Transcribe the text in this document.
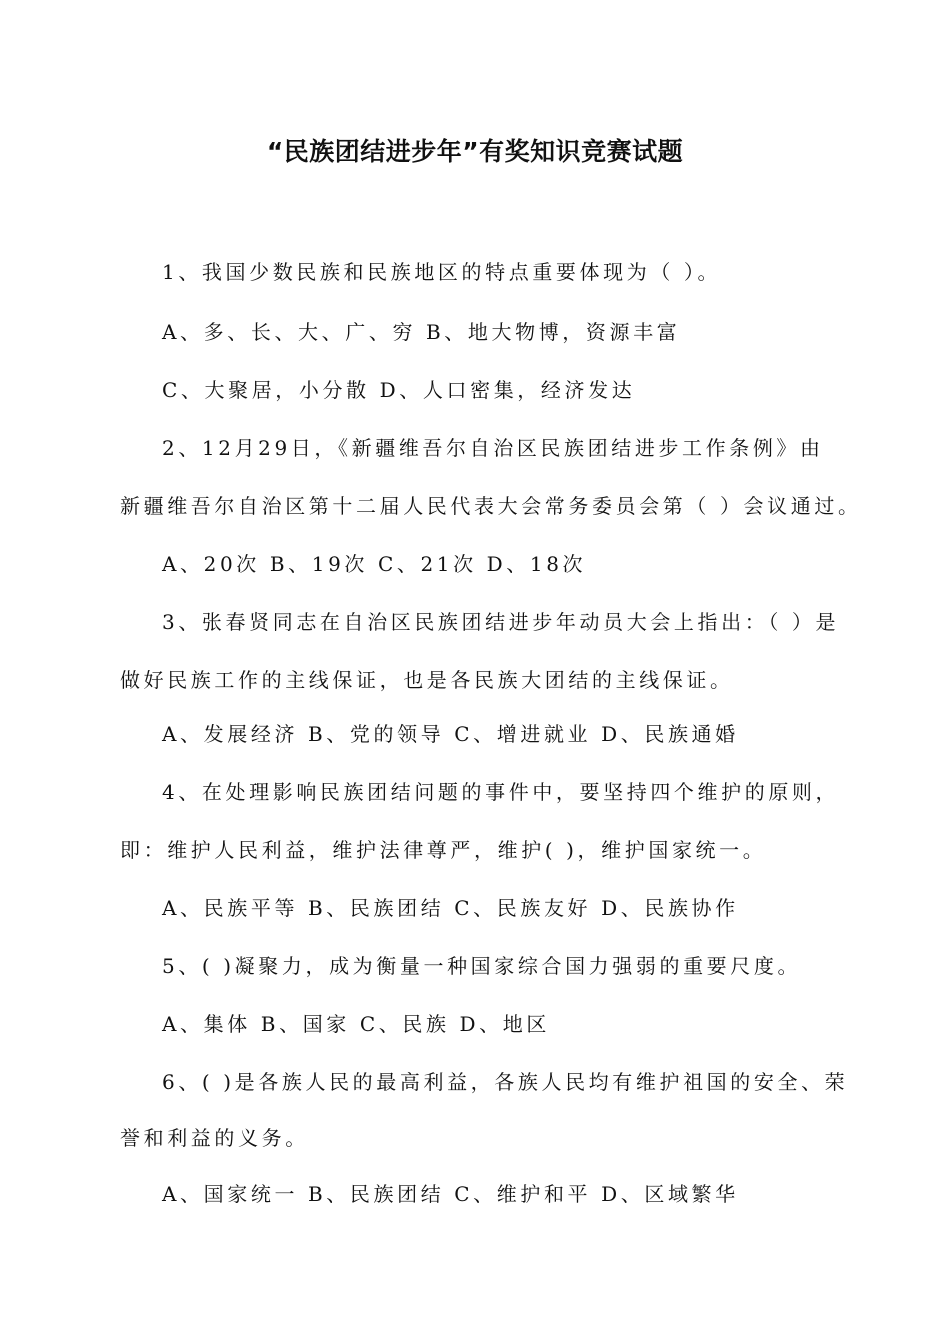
“民族团结进步年”有奖知识竞赛试题
1、我国少数民族和民族地区的特点重要体现为（ ）。
A、多、长、大、广、穷 B、地大物博，资源丰富
C、大聚居，小分散 D、人口密集，经济发达
2、12月29日，《新疆维吾尔自治区民族团结进步工作条例》由
新疆维吾尔自治区第十二届人民代表大会常务委员会第（ ）会议通过。
A、20次 B、19次 C、21次 D、18次
3、张春贤同志在自治区民族团结进步年动员大会上指出：（ ）是
做好民族工作的主线保证，也是各民族大团结的主线保证。
A、发展经济 B、党的领导 C、增进就业 D、民族通婚
4、在处理影响民族团结问题的事件中，要坚持四个维护的原则，
即：维护人民利益，维护法律尊严，维护( )，维护国家统一。
A、民族平等 B、民族团结 C、民族友好 D、民族协作
5、( )凝聚力，成为衡量一种国家综合国力强弱的重要尺度。
A、集体 B、国家 C、民族 D、地区
6、( )是各族人民的最高利益，各族人民均有维护祖国的安全、荣
誉和利益的义务。
A、国家统一 B、民族团结 C、维护和平 D、区域繁华
